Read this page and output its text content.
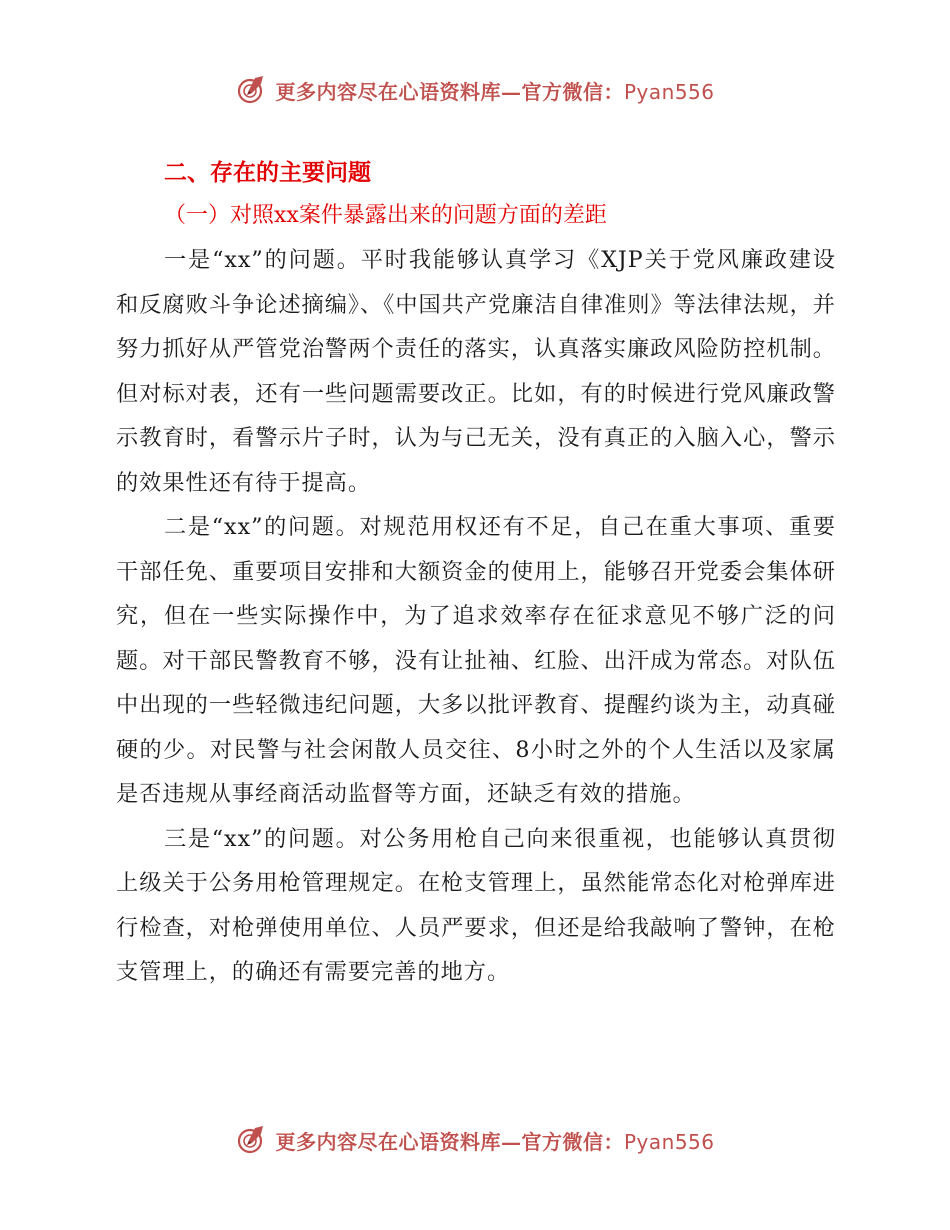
更多内容尽在心语资料库—官方微信：Pyan556
二、存在的主要问题
（一）对照xx案件暴露出来的问题方面的差距

一是“xx”的问题。平时我能够认真学习《XJP关于党风廉政建设和反腐败斗争论述摘编》、《中国共产党廉洁自律准则》等法律法规，并努力抓好从严管党治警两个责任的落实，认真落实廉政风险防控机制。但对标对表，还有一些问题需要改正。比如，有的时候进行党风廉政警示教育时，看警示片子时，认为与己无关，没有真正的入脑入心，警示的效果性还有待于提高。

二是“xx”的问题。对规范用权还有不足，自己在重大事项、重要干部任免、重要项目安排和大额资金的使用上，能够召开党委会集体研究，但在一些实际操作中，为了追求效率存在征求意见不够广泛的问题。对干部民警教育不够，没有让扯袖、红脸、出汗成为常态。对队伍中出现的一些轻微违纪问题，大多以批评教育、提醒约谈为主，动真碰硬的少。对民警与社会闲散人员交往、8小时之外的个人生活以及家属是否违规从事经商活动监督等方面，还缺乏有效的措施。

三是“xx”的问题。对公务用枪自己向来很重视，也能够认真贯彻上级关于公务用枪管理规定。在枪支管理上，虽然能常态化对枪弹库进行检查，对枪弹使用单位、人员严要求，但还是给我敲响了警钟，在枪支管理上，的确还有需要完善的地方。

更多内容尽在心语资料库—官方微信：Pyan556
